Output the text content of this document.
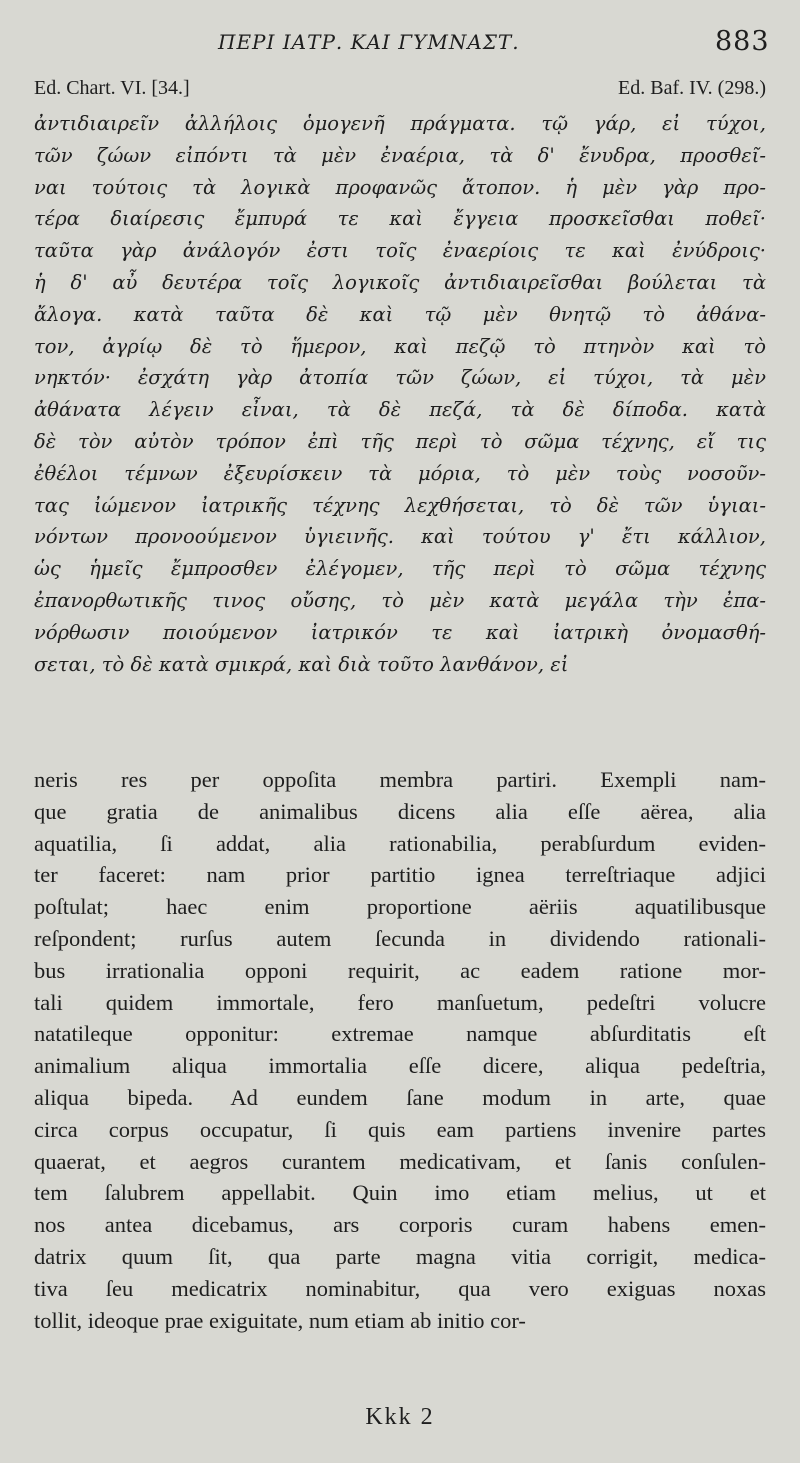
ΠΕΡΙ ΙΑΤΡ. ΚΑΙ ΓΥΜΝΑΣΤ.	883
Ed. Chart. VI. [34.]	Ed. Baf. IV. (298.)
ἀντιδιαιρεῖν ἀλλήλοις ὁμογενῆ πράγματα. τῷ γάρ, εἰ τύχοι,
τῶν ζώων εἰπόντι τὰ μὲν ἐναέρια, τὰ δ' ἔνυδρα, προσθεῖ-
ναι τούτοις τὰ λογικὰ προφανῶς ἄτοπον. ἡ μὲν γὰρ προ-
τέρα διαίρεσις ἔμπυρά τε καὶ ἔγγεια προσκεῖσθαι ποθεῖ·
ταῦτα γὰρ ἀνάλογόν ἐστι τοῖς ἐναερίοις τε καὶ ἐνύδροις·
ἡ δ' αὖ δευτέρα τοῖς λογικοῖς ἀντιδιαιρεῖσθαι βούλεται τὰ
ἄλογα. κατὰ ταῦτα δὲ καὶ τῷ μὲν θνητῷ τὸ ἀθάνα-
τον, ἀγρίῳ δὲ τὸ ἥμερον, καὶ πεζῷ τὸ πτηνὸν καὶ τὸ
νηκτόν· ἐσχάτη γὰρ ἀτοπία τῶν ζώων, εἰ τύχοι, τὰ μὲν
ἀθάνατα λέγειν εἶναι, τὰ δὲ πεζά, τὰ δὲ δίποδα. κατὰ
δὲ τὸν αὐτὸν τρόπον ἐπὶ τῆς περὶ τὸ σῶμα τέχνης, εἴ τις
ἐθέλοι τέμνων ἐξευρίσκειν τὰ μόρια, τὸ μὲν τοὺς νοσοῦν-
τας ἰώμενον ἰατρικῆς τέχνης λεχθήσεται, τὸ δὲ τῶν ὑγιαι-
νόντων προνοούμενον ὑγιεινῆς. καὶ τούτου γ' ἔτι κάλλιον,
ὡς ἡμεῖς ἔμπροσθεν ἐλέγομεν, τῆς περὶ τὸ σῶμα τέχνης
ἐπανορθωτικῆς τινος οὔσης, τὸ μὲν κατὰ μεγάλα τὴν ἐπα-
νόρθωσιν ποιούμενον ἰατρικόν τε καὶ ἰατρικὴ ὀνομασθή-
σεται, τὸ δὲ κατὰ σμικρά, καὶ διὰ τοῦτο λανθάνον, εἰ
neris res per oppoſita membra partiri. Exempli nam-
que gratia de animalibus dicens alia eſſe aërea, alia
aquatilia, ſi addat, alia rationabilia, perabſurdum eviden-
ter faceret: nam prior partitio ignea terreſtriaque adjici
poſtulat; haec enim proportione aëriis aquatilibusque
reſpondent; rurſus autem ſecunda in dividendo rationali-
bus irrationalia opponi requirit, ac eadem ratione mor-
tali quidem immortale, fero manſuetum, pedeſtri volucre
natatileque opponitur: extremae namque abſurditatis eſt
animalium aliqua immortalia eſſe dicere, aliqua pedeſtria,
aliqua bipeda. Ad eundem ſane modum in arte, quae
circa corpus occupatur, ſi quis eam partiens invenire partes
quaerat, et aegros curantem medicativam, et ſanis conſulen-
tem ſalubrem appellabit. Quin imo etiam melius, ut et
nos antea dicebamus, ars corporis curam habens emen-
datrix quum ſit, qua parte magna vitia corrigit, medica-
tiva ſeu medicatrix nominabitur, qua vero exiguas noxas
tollit, ideoque prae exiguitate, num etiam ab initio cor-
Kkk 2
